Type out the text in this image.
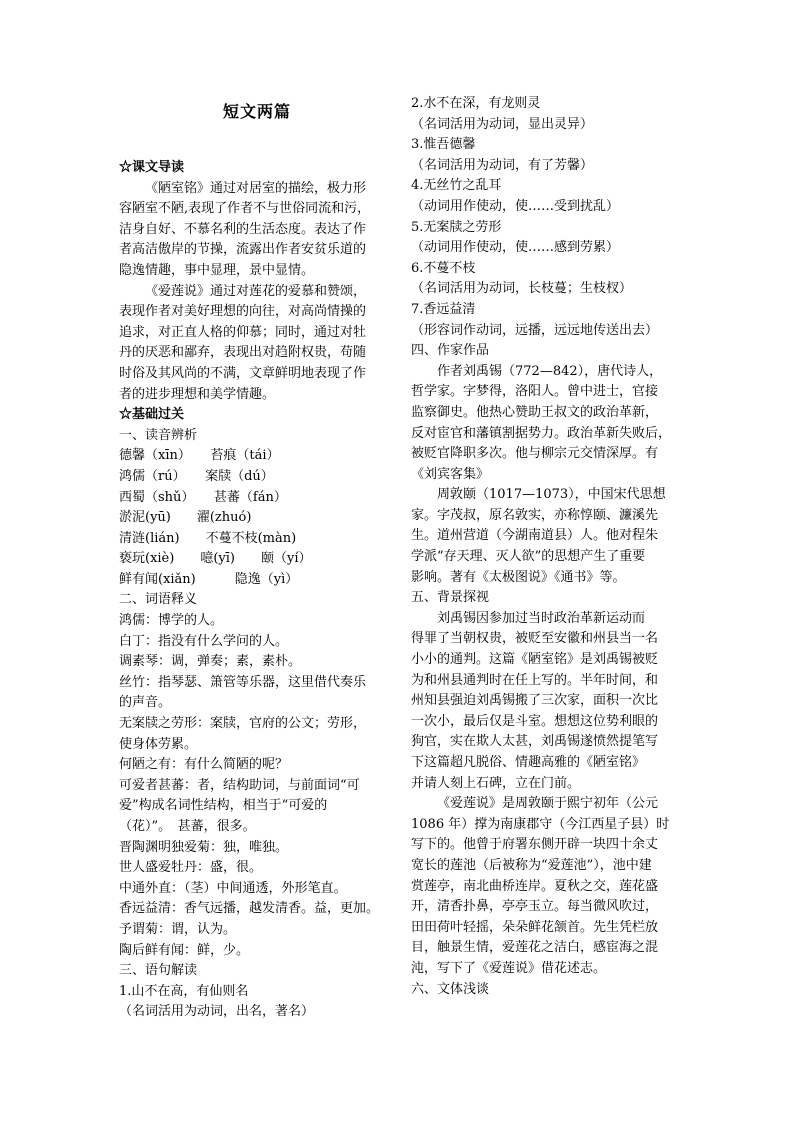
短文两篇
☆课文导读
《陋室铭》通过对居室的描绘，极力形
容陋室不陋,表现了作者不与世俗同流和污，
洁身自好、不慕名利的生活态度。表达了作
者高洁傲岸的节操，流露出作者安贫乐道的
隐逸情趣，事中显理，景中显情。
《爱莲说》通过对莲花的爱慕和赞颂，
表现作者对美好理想的向往，对高尚情操的
追求，对正直人格的仰慕；同时，通过对牡
丹的厌恶和鄙弃，表现出对趋附权贵，苟随
时俗及其风尚的不满，文章鲜明地表现了作
者的进步理想和美学情趣。
☆基础过关
一、读音辨析
德馨（xīn）　　苔痕（tái）
鸿儒（rú）　　案牍（dú）
西蜀（shǔ）　　甚蕃（fán）
淤泥(yū)　　濯(zhuó)
清涟(lián)　　不蔓不枝(màn)
亵玩(xiè)　　噫(yī)　　颐（yí）
鲜有闻(xiǎn)　　　隐逸（yì）
二、词语释义
鸿儒：博学的人。
白丁：指没有什么学问的人。
调素琴：调，弹奏；素，素朴。
丝竹：指琴瑟、箫管等乐器，这里借代奏乐
的声音。
无案牍之劳形：案牍，官府的公文；劳形，
使身体劳累。
何陋之有：有什么简陋的呢？
可爱者甚蕃：者，结构助词，与前面词“可
爱”构成名词性结构，相当于“可爱的
（花）”。　甚蕃，很多。
晋陶渊明独爱菊：独，唯独。
世人盛爱牡丹：盛，很。
中通外直：（茎）中间通透，外形笔直。
香远益清：香气远播，越发清香。益，更加。
予谓菊：谓，认为。
陶后鲜有闻：鲜，少。
三、语句解读
1.山不在高，有仙则名
（名词活用为动词，出名，著名）
2.水不在深，有龙则灵
（名词活用为动词，显出灵异）
3.惟吾德馨
（名词活用为动词，有了芳馨）
4.无丝竹之乱耳
（动词用作使动，使……受到扰乱）
5.无案牍之劳形
（动词用作使动，使……感到劳累）
6.不蔓不枝
（名词活用为动词，长枝蔓；生枝杈）
7.香远益清
（形容词作动词，远播，远远地传送出去）
四、作家作品
作者刘禹锡（772—842），唐代诗人，
哲学家。字梦得，洛阳人。曾中进士，官接
监察御史。他热心赞助王叔文的政治革新，
反对宦官和藩镇割据势力。政治革新失败后，
被贬官降职多次。他与柳宗元交情深厚。有
《刘宾客集》
周敦颐（1017—1073），中国宋代思想
家。字茂叔，原名敦实，亦称惇颐、濂溪先
生。道州营道（今湖南道县）人。他对程朱
学派“存天理、灭人欲”的思想产生了重要
影响。著有《太极图说》《通书》等。
五、背景探视
刘禹锡因参加过当时政治革新运动而
得罪了当朝权贵，被贬至安徽和州县当一名
小小的通判。这篇《陋室铭》是刘禹锡被贬
为和州县通判时在任上写的。半年时间，和
州知县强迫刘禹锡搬了三次家，面积一次比
一次小，最后仅是斗室。想想这位势利眼的
狗官，实在欺人太甚，刘禹锡遂愤然提笔写
下这篇超凡脱俗、情趣高雅的《陋室铭》
并请人刻上石碑，立在门前。
《爱莲说》是周敦颐于熙宁初年（公元
1086 年）撑为南康郡守（今江西星子县）时
写下的。他曾于府署东侧开辟一块四十余丈
宽长的莲池（后被称为“爱莲池”），池中建
赏莲亭，南北曲桥连岸。夏秋之交，莲花盛
开，清香扑鼻，亭亭玉立。每当微风吹过，
田田荷叶轻摇，朵朵鲜花颔首。先生凭栏放
目，触景生情，爱莲花之洁白，感宦海之混
沌，写下了《爱莲说》借花述志。
六、文体浅谈
